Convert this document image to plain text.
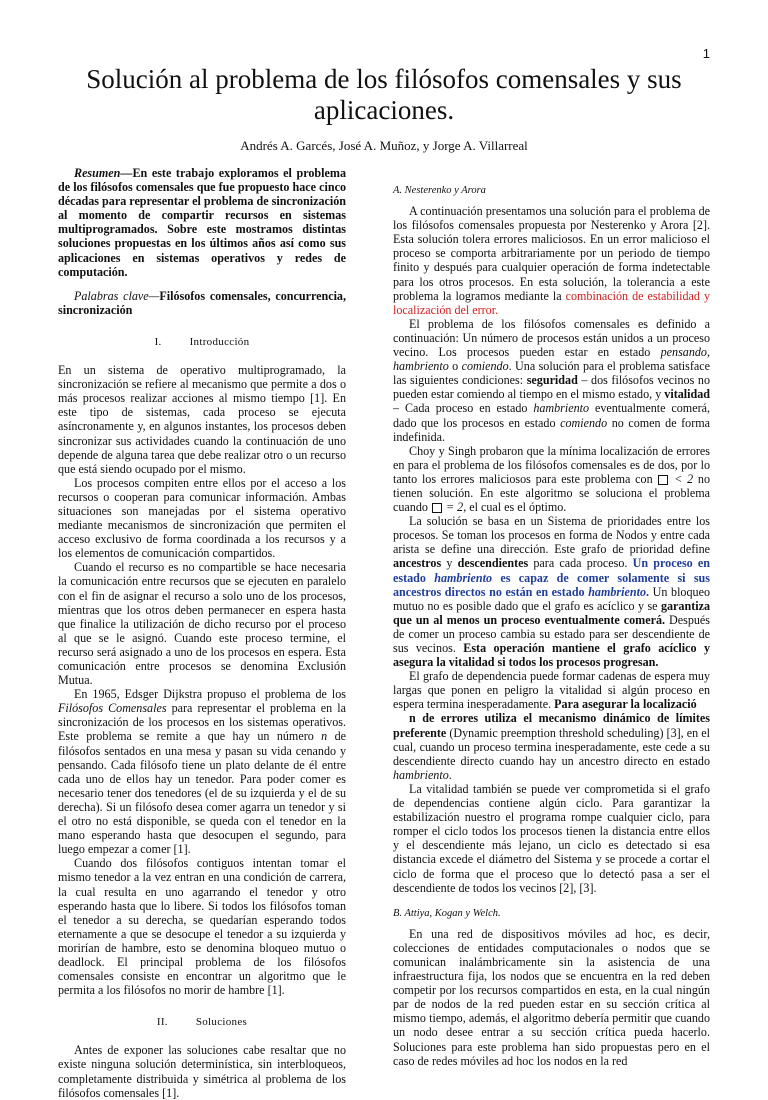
1
Solución al problema de los filósofos comensales y sus aplicaciones.
Andrés A. Garcés, José A. Muñoz, y Jorge A. Villarreal

Resumen—En este trabajo exploramos el problema de los filósofos comensales que fue propuesto hace cinco décadas para representar el problema de sincronización al momento de compartir recursos en sistemas multiprogramados. Sobre este mostramos distintas soluciones propuestas en los últimos años así como sus aplicaciones en sistemas operativos y redes de computación.

Palabras clave—Filósofos comensales, concurrencia, sincronización

I.	Introducción

En un sistema de operativo multiprogramado, la sincronización se refiere al mecanismo que permite a dos o más procesos realizar acciones al mismo tiempo [1]. En este tipo de sistemas, cada proceso se ejecuta asíncronamente y, en algunos instantes, los procesos deben sincronizar sus actividades cuando la continuación de uno depende de alguna tarea que debe realizar otro o un recurso que está siendo ocupado por el mismo.

Los procesos compiten entre ellos por el acceso a los recursos o cooperan para comunicar información. Ambas situaciones son manejadas por el sistema operativo mediante mecanismos de sincronización que permiten el acceso exclusivo de forma coordinada a los recursos y a los elementos de comunicación compartidos.

Cuando el recurso es no compartible se hace necesaria la comunicación entre recursos que se ejecuten en paralelo con el fin de asignar el recurso a solo uno de los procesos, mientras que los otros deben permanecer en espera hasta que finalice la utilización de dicho recurso por el proceso al que se le asignó. Cuando este proceso termine, el recurso será asignado a uno de los procesos en espera. Esta comunicación entre procesos se denomina Exclusión Mutua.

En 1965, Edsger Dijkstra propuso el problema de los Filósofos Comensales para representar el problema en la sincronización de los procesos en los sistemas operativos. Este problema se remite a que hay un número n de filósofos sentados en una mesa y pasan su vida cenando y pensando. Cada filósofo tiene un plato delante de él entre cada uno de ellos hay un tenedor. Para poder comer es necesario tener dos tenedores (el de su izquierda y el de su derecha). Si un filósofo desea comer agarra un tenedor y si el otro no está disponible, se queda con el tenedor en la mano esperando hasta que desocupen el segundo, para luego empezar a comer [1].

Cuando dos filósofos contiguos intentan tomar el mismo tenedor a la vez entran en una condición de carrera, la cual resulta en uno agarrando el tenedor y otro esperando hasta que lo libere. Si todos los filósofos toman el tenedor a su derecha, se quedarían esperando todos eternamente a que se desocupe el tenedor a su izquierda y morirían de hambre, esto se denomina bloqueo mutuo o deadlock. El principal problema de los filósofos comensales consiste en encontrar un algoritmo que le permita a los filósofos no morir de hambre [1].

II.	Soluciones

Antes de exponer las soluciones cabe resaltar que no existe ninguna solución determinística, sin interbloqueos, completamente distribuida y simétrica al problema de los filósofos comensales [1].

A. Nesterenko y Arora

A continuación presentamos una solución para el problema de los filósofos comensales propuesta por Nesterenko y Arora [2]. Esta solución tolera errores maliciosos. En un error malicioso el proceso se comporta arbitrariamente por un periodo de tiempo finito y después para cualquier operación de forma indetectable para los otros procesos. En esta solución, la tolerancia a este problema la logramos mediante la combinación de estabilidad y localización del error.

El problema de los filósofos comensales es definido a continuación: Un número de procesos están unidos a un proceso vecino. Los procesos pueden estar en estado pensando, hambriento o comiendo. Una solución para el problema satisface las siguientes condiciones: seguridad – dos filósofos vecinos no pueden estar comiendo al tiempo en el mismo estado, y vitalidad – Cada proceso en estado hambriento eventualmente comerá, dado que los procesos en estado comiendo no comen de forma indefinida.

Choy y Singh probaron que la mínima localización de errores en para el problema de los filósofos comensales es de dos, por lo tanto los errores maliciosos para este problema con  < 2 no tienen solución. En este algoritmo se soluciona el problema cuando  = 2, el cual es el óptimo.

La solución se basa en un Sistema de prioridades entre los procesos. Se toman los procesos en forma de Nodos y entre cada arista se define una dirección. Este grafo de prioridad define ancestros y descendientes para cada proceso. Un proceso en estado hambriento es capaz de comer solamente si sus ancestros directos no están en estado hambriento. Un bloqueo mutuo no es posible dado que el grafo es acíclico y se garantiza que un al menos un proceso eventualmente comerá. Después de comer un proceso cambia su estado para ser descendiente de sus vecinos. Esta operación mantiene el grafo acíclico y asegura la vitalidad si todos los procesos progresan.

El grafo de dependencia puede formar cadenas de espera muy largas que ponen en peligro la vitalidad si algún proceso en espera termina inesperadamente. Para asegurar la localizació

n de errores utiliza el mecanismo dinámico de límites preferente (Dynamic preemption threshold scheduling) [3], en el cual, cuando un proceso termina inesperadamente, este cede a su descendiente directo cuando hay un ancestro directo en estado hambriento.

La vitalidad también se puede ver comprometida si el grafo de dependencias contiene algún ciclo. Para garantizar la estabilización nuestro el programa rompe cualquier ciclo, para romper el ciclo todos los procesos tienen la distancia entre ellos y el descendiente más lejano, un ciclo es detectado si esa distancia excede el diámetro del Sistema y se procede a cortar el ciclo de forma que el proceso que lo detectó pasa a ser el descendiente de todos los vecinos [2], [3].

B. Attiya, Kogan y Welch.

En una red de dispositivos móviles ad hoc, es decir, colecciones de entidades computacionales o nodos que se comunican inalámbricamente sin la asistencia de una infraestructura fija, los nodos que se encuentra en la red deben competir por los recursos compartidos en esta, en la cual ningún par de nodos de la red pueden estar en su sección crítica al mismo tiempo, además, el algoritmo debería permitir que cuando un nodo desee entrar a su sección crítica pueda hacerlo. Soluciones para este problema han sido propuestas pero en el caso de redes móviles ad hoc los nodos en la red
